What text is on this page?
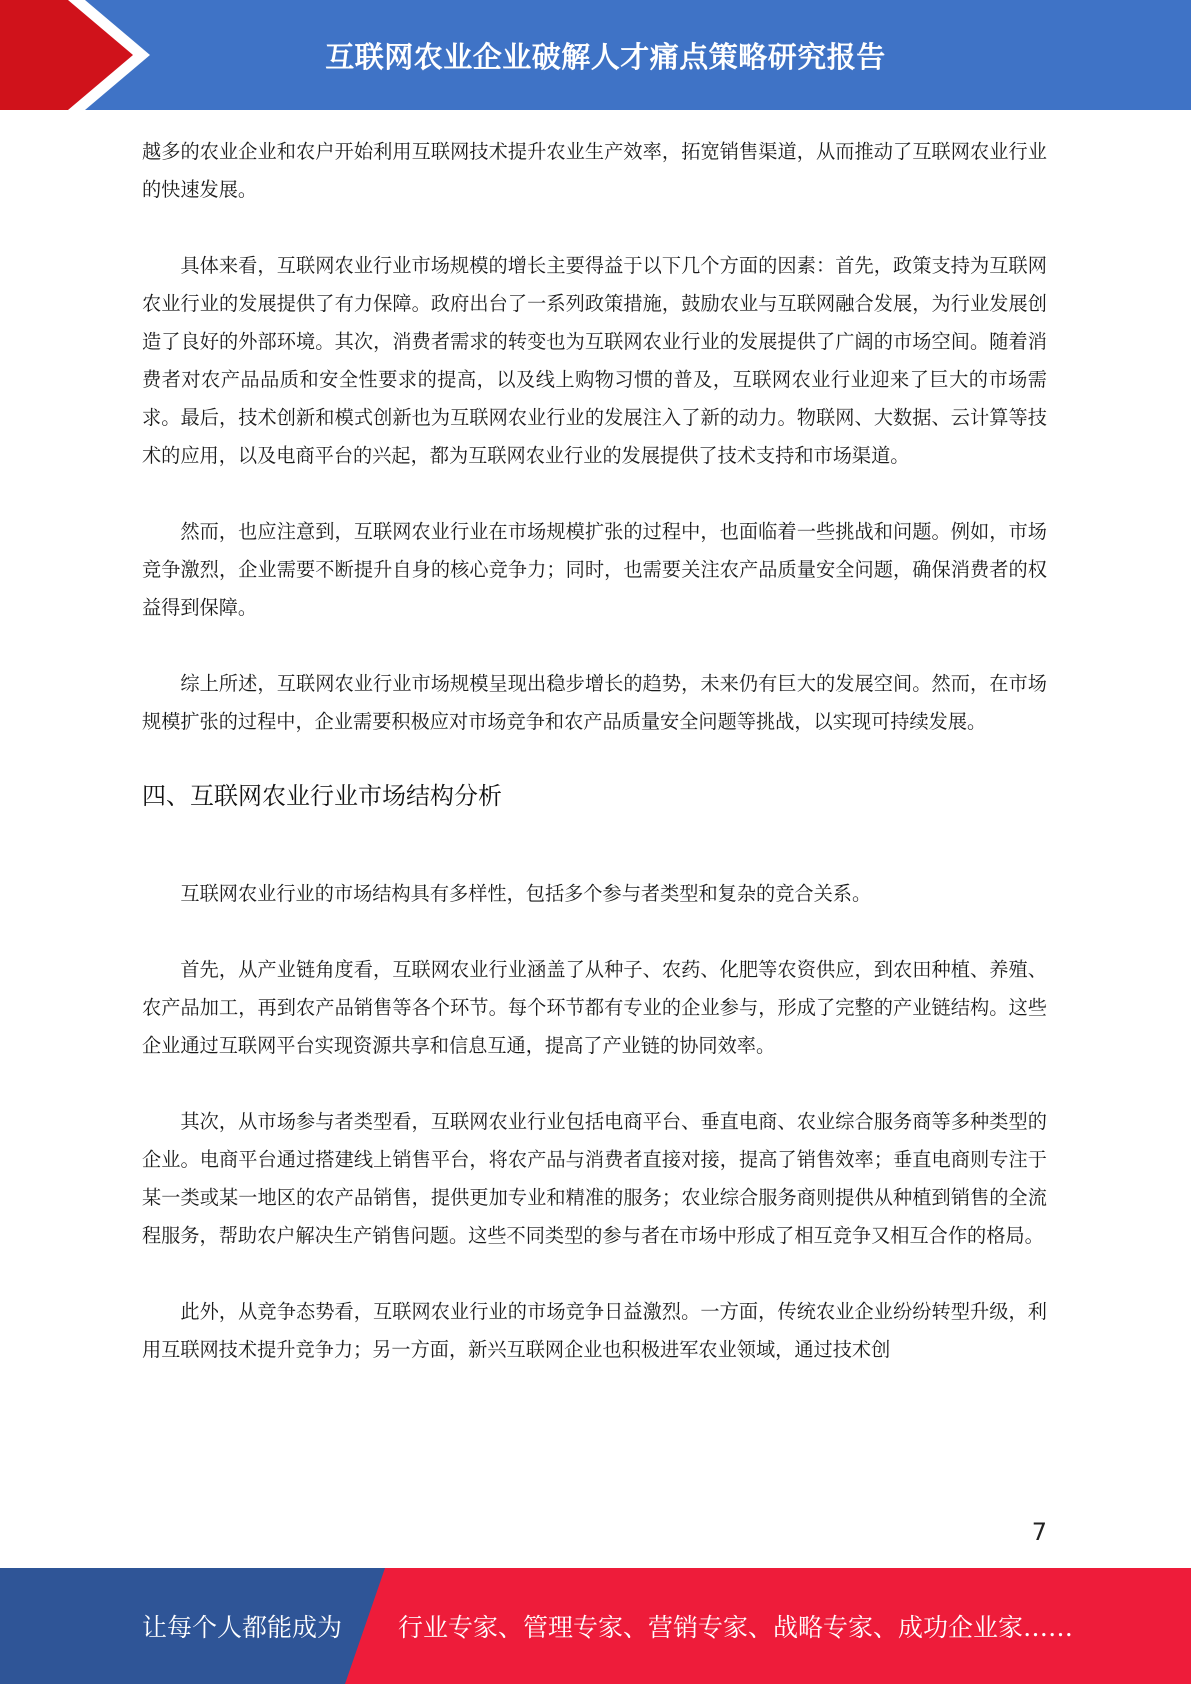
互联网农业企业破解人才痛点策略研究报告

越多的农业企业和农户开始利用互联网技术提升农业生产效率，拓宽销售渠道，从而推动了互联网农业行业的快速发展。

具体来看，互联网农业行业市场规模的增长主要得益于以下几个方面的因素：首先，政策支持为互联网农业行业的发展提供了有力保障。政府出台了一系列政策措施，鼓励农业与互联网融合发展，为行业发展创造了良好的外部环境。其次，消费者需求的转变也为互联网农业行业的发展提供了广阔的市场空间。随着消费者对农产品品质和安全性要求的提高，以及线上购物习惯的普及，互联网农业行业迎来了巨大的市场需求。最后，技术创新和模式创新也为互联网农业行业的发展注入了新的动力。物联网、大数据、云计算等技术的应用，以及电商平台的兴起，都为互联网农业行业的发展提供了技术支持和市场渠道。

然而，也应注意到，互联网农业行业在市场规模扩张的过程中，也面临着一些挑战和问题。例如，市场竞争激烈，企业需要不断提升自身的核心竞争力；同时，也需要关注农产品质量安全问题，确保消费者的权益得到保障。

综上所述，互联网农业行业市场规模呈现出稳步增长的趋势，未来仍有巨大的发展空间。然而，在市场规模扩张的过程中，企业需要积极应对市场竞争和农产品质量安全问题等挑战，以实现可持续发展。

四、互联网农业行业市场结构分析

互联网农业行业的市场结构具有多样性，包括多个参与者类型和复杂的竞合关系。

首先，从产业链角度看，互联网农业行业涵盖了从种子、农药、化肥等农资供应，到农田种植、养殖、农产品加工，再到农产品销售等各个环节。每个环节都有专业的企业参与，形成了完整的产业链结构。这些企业通过互联网平台实现资源共享和信息互通，提高了产业链的协同效率。

其次，从市场参与者类型看，互联网农业行业包括电商平台、垂直电商、农业综合服务商等多种类型的企业。电商平台通过搭建线上销售平台，将农产品与消费者直接对接，提高了销售效率；垂直电商则专注于某一类或某一地区的农产品销售，提供更加专业和精准的服务；农业综合服务商则提供从种植到销售的全流程服务，帮助农户解决生产销售问题。这些不同类型的参与者在市场中形成了相互竞争又相互合作的格局。

此外，从竞争态势看，互联网农业行业的市场竞争日益激烈。一方面，传统农业企业纷纷转型升级，利用互联网技术提升竞争力；另一方面，新兴互联网企业也积极进军农业领域，通过技术创

7
让每个人都能成为 行业专家、管理专家、营销专家、战略专家、成功企业家……
